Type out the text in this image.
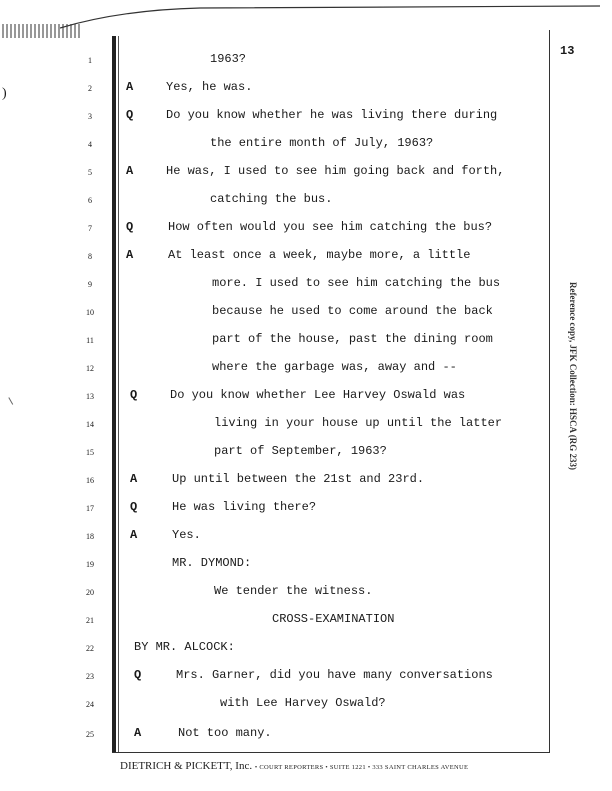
)
13
1	1963?
2	A	Yes, he was.
3	Q	Do you know whether he was living there during
4	the entire month of July, 1963?
5	A	He was, I used to see him going back and forth,
6	catching the bus.
7	Q	How often would you see him catching the bus?
8	A	At least once a week, maybe more, a little
9	more. I used to see him catching the bus
10	because he used to come around the back
11	part of the house, past the dining room
12	where the garbage was, away and --
13	Q	Do you know whether Lee Harvey Oswald was
14	living in your house up until the latter
15	part of September, 1963?
16	A	Up until between the 21st and 23rd.
17	Q	He was living there?
18	A	Yes.
19	MR. DYMOND:
20	We tender the witness.
21	CROSS-EXAMINATION
22	BY MR. ALCOCK:
23	Q	Mrs. Garner, did you have many conversations
24	with Lee Harvey Oswald?
25	A	Not too many.
Reference copy, JFK Collection: HSCA (RG 233)
DIETRICH & PICKETT, Inc. • COURT REPORTERS • SUITE 1221 • 333 SAINT CHARLES AVENUE
